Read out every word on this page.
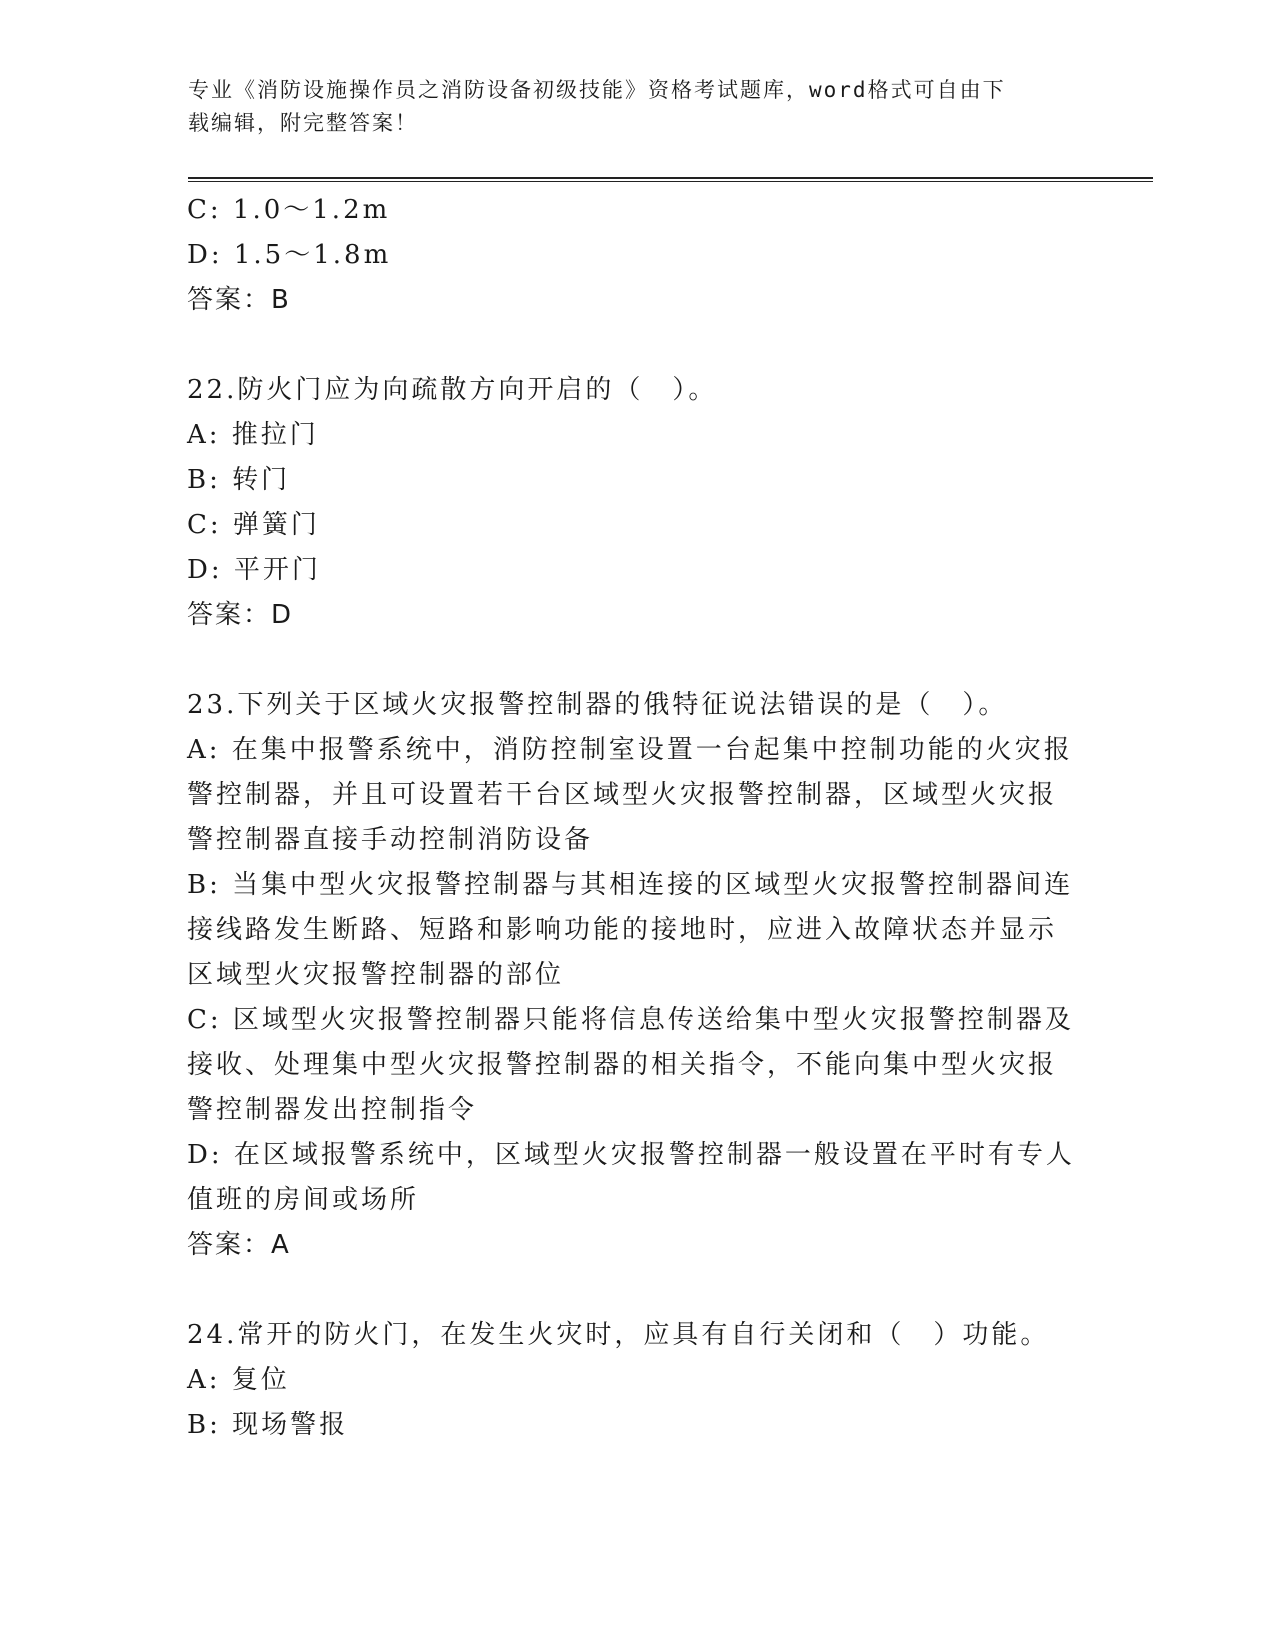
专业《消防设施操作员之消防设备初级技能》资格考试题库，word格式可自由下
载编辑，附完整答案！

C: 1.0～1.2m

D: 1.5～1.8m

答案：B

22.防火门应为向疏散方向开启的（　）。

A: 推拉门

B: 转门

C: 弹簧门

D: 平开门

答案：D

23.下列关于区域火灾报警控制器的俄特征说法错误的是（　）。

A: 在集中报警系统中，消防控制室设置一台起集中控制功能的火灾报

警控制器，并且可设置若干台区域型火灾报警控制器，区域型火灾报

警控制器直接手动控制消防设备

B: 当集中型火灾报警控制器与其相连接的区域型火灾报警控制器间连

接线路发生断路、短路和影响功能的接地时，应进入故障状态并显示

区域型火灾报警控制器的部位

C: 区域型火灾报警控制器只能将信息传送给集中型火灾报警控制器及

接收、处理集中型火灾报警控制器的相关指令，不能向集中型火灾报

警控制器发出控制指令

D: 在区域报警系统中，区域型火灾报警控制器一般设置在平时有专人

值班的房间或场所

答案：A

24.常开的防火门，在发生火灾时，应具有自行关闭和（　）功能。

A: 复位

B: 现场警报
